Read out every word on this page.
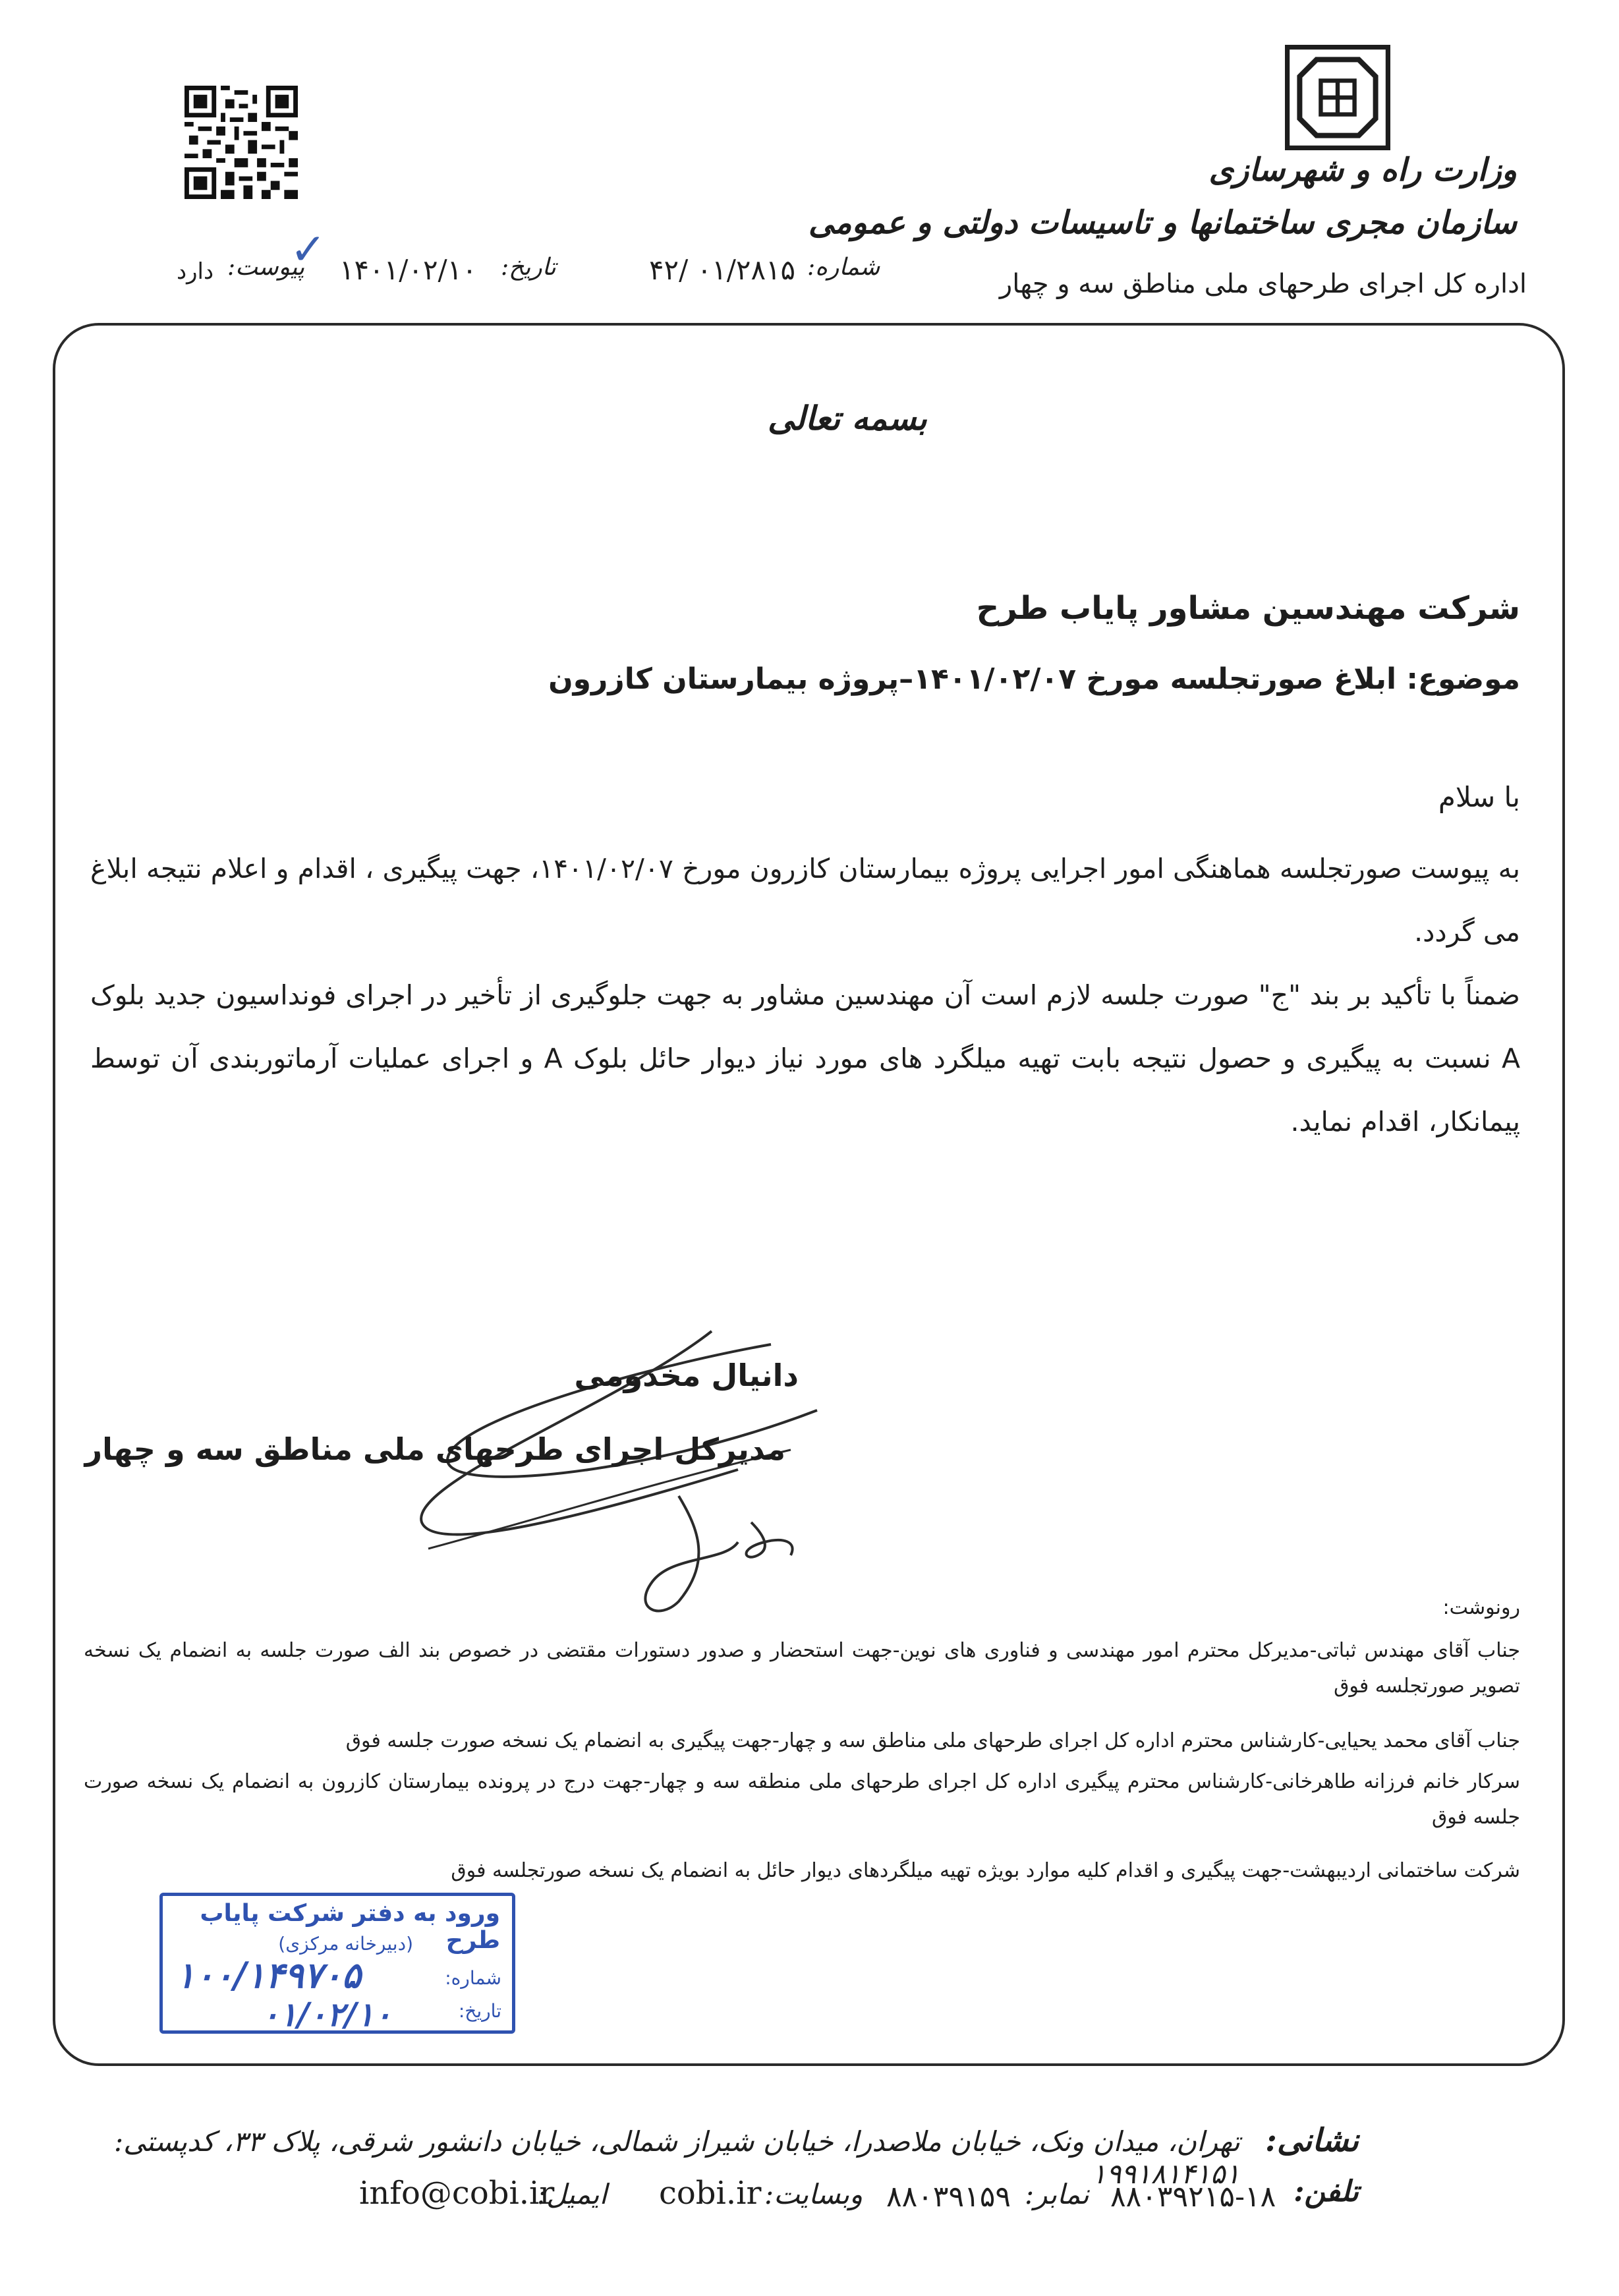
وزارت راه و شهرسازی
سازمان مجری ساختمانها و تاسیسات دولتی و عمومی
اداره کل اجرای طرحهای ملی مناطق سه و چهار
شماره:
۴۲/ ۰۱/۲۸۱۵
تاریخ:
۱۴۰۱/۰۲/۱۰
✓
پیوست:
دارد
بسمه تعالی
شرکت مهندسین مشاور پایاب طرح
موضوع: ابلاغ صورتجلسه مورخ ۱۴۰۱/۰۲/۰۷–پروژه بیمارستان کازرون
با سلام
به پیوست صورتجلسه هماهنگی امور اجرایی پروژه بیمارستان کازرون مورخ ۱۴۰۱/۰۲/۰۷، جهت پیگیری ، اقدام و اعلام نتیجه ابلاغ می گردد.
ضمناً با تأکید بر بند "ج" صورت جلسه لازم است آن مهندسین مشاور به جهت جلوگیری از تأخیر در اجرای فونداسیون جدید بلوک A نسبت به پیگیری و حصول نتیجه بابت تهیه میلگرد های مورد نیاز دیوار حائل بلوک A و اجرای عملیات آرماتوربندی آن توسط پیمانکار، اقدام نماید.
دانیال مخدومی
مدیرکل اجرای طرحهای ملی مناطق سه و چهار
رونوشت:
جناب آقای مهندس ثباتی-مدیرکل محترم امور مهندسی و فناوری های نوین-جهت استحضار و صدور دستورات مقتضی در خصوص بند الف صورت جلسه به انضمام یک نسخه تصویر صورتجلسه فوق
جناب آقای محمد یحیایی-کارشناس محترم اداره کل اجرای طرحهای ملی مناطق سه و چهار-جهت پیگیری به انضمام یک نسخه صورت جلسه فوق
سرکار خانم فرزانه طاهرخانی-کارشناس محترم پیگیری اداره کل اجرای طرحهای ملی منطقه سه و چهار-جهت درج در پرونده بیمارستان کازرون به انضمام یک نسخه صورت جلسه فوق
شرکت ساختمانی اردیبهشت-جهت پیگیری و اقدام کلیه موارد بویژه تهیه میلگردهای دیوار حائل به انضمام یک نسخه صورتجلسه فوق
ورود به دفتر شرکت پایاب طرح
(دبیرخانه مرکزی)
شماره:
۱۰۰/۱۴۹۷۰۵
تاریخ:
۰۱/۰۲/۱۰
نشانی:
تهران، میدان ونک، خیابان ملاصدرا، خیابان شیراز شمالی، خیابان دانشور شرقی، پلاک ۳۳، کدپستی: ۱۹۹۱۸۱۴۱۵۱
تلفن:
۸۸۰۳۹۲۱۵-۱۸
نمابر:
۸۸۰۳۹۱۵۹
وبسایت:
cobi.ir
ایمیل:
info@cobi.ir
